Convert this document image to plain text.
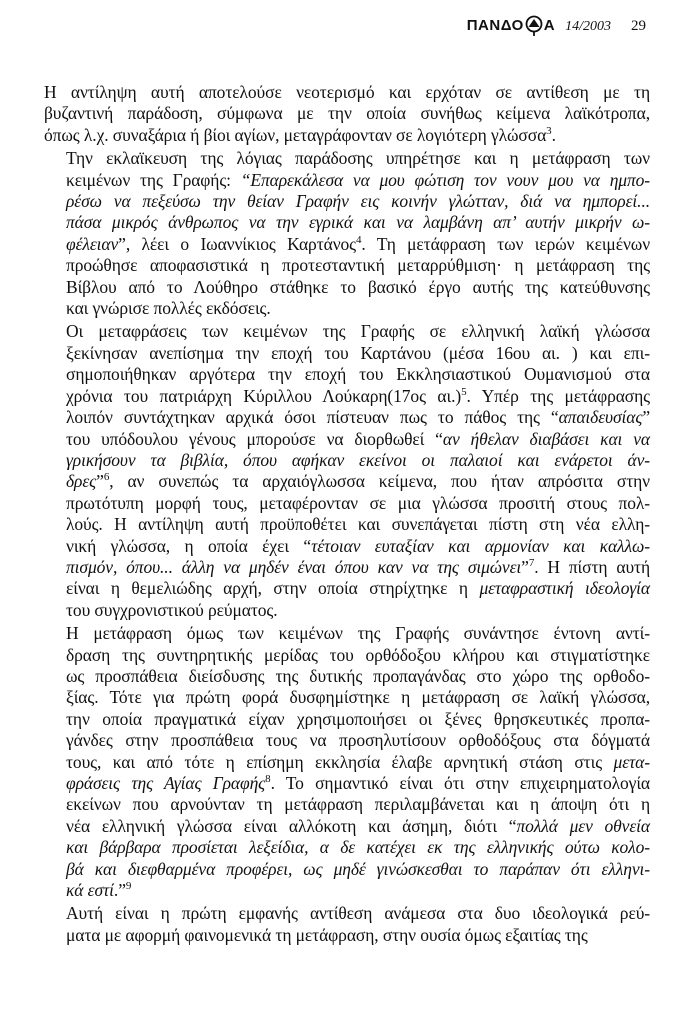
ΠΑΝΔΟ Α 14/2003 29

Η αντίληψη αυτή αποτελούσε νεοτερισμό και ερχόταν σε αντίθεση με τη
βυζαντινή παράδοση, σύμφωνα με την οποία συνήθως κείμενα λαϊκότροπα,
όπως λ.χ. συναξάρια ή βίοι αγίων, μεταγράφονταν σε λογιότερη γλώσσα$^3$.

Την εκλαϊκευση της λόγιας παράδοσης υπηρέτησε και η μετάφραση των
κειμένων της Γραφής: “Επαρεκάλεσα να μου φώτιση τον νουν μου να ημπο-
ρέσω να πεξεύσω την θείαν Γραφήν εις κοινήν γλώτταν, διά να ημπορεί...
πάσα μικρός άνθρωπος να την εγρικά και να λαμβάνη απ’ αυτήν μικρήν ω-
φέλειαν”, λέει ο Ιωαννίκιος Καρτάνος$^4$. Τη μετάφραση των ιερών κειμένων
προώθησε αποφασιστικά η προτεσταντική μεταρρύθμιση· η μετάφραση της
Βίβλου από το Λούθηρο στάθηκε το βασικό έργο αυτής της κατεύθυνσης
και γνώρισε πολλές εκδόσεις.

Οι μεταφράσεις των κειμένων της Γραφής σε ελληνική λαϊκή γλώσσα
ξεκίνησαν ανεπίσημα την εποχή του Καρτάνου (μέσα 16ου αι. ) και επι-
σημοποιήθηκαν αργότερα την εποχή του Εκκλησιαστικού Ουμανισμού στα
χρόνια του πατριάρχη Κύριλλου Λούκαρη(17ος αι.)$^5$. Υπέρ της μετάφρασης
λοιπόν συντάχτηκαν αρχικά όσοι πίστευαν πως το πάθος της “απαιδευσίας”
του υπόδουλου γένους μπορούσε να διορθωθεί “αν ήθελαν διαβάσει και να
γρικήσουν τα βιβλία, όπου αφήκαν εκείνοι οι παλαιοί και ενάρετοι άν-
δρες”$^6$, αν συνεπώς τα αρχαιόγλωσσα κείμενα, που ήταν απρόσιτα στην
πρωτότυπη μορφή τους, μεταφέρονταν σε μια γλώσσα προσιτή στους πολ-
λούς. Η αντίληψη αυτή προϋποθέτει και συνεπάγεται πίστη στη νέα ελλη-
νική γλώσσα, η οποία έχει “τέτοιαν ευταξίαν και αρμονίαν και καλλω-
πισμόν, όπου... άλλη να μηδέν έναι όπου καν να της σιμώνει”$^7$. Η πίστη αυτή
είναι η θεμελιώδης αρχή, στην οποία στηρίχτηκε η μεταφραστική ιδεολογία
του συγχρονιστικού ρεύματος.

Η μετάφραση όμως των κειμένων της Γραφής συνάντησε έντονη αντί-
δραση της συντηρητικής μερίδας του ορθόδοξου κλήρου και στιγματίστηκε
ως προσπάθεια διείσδυσης της δυτικής προπαγάνδας στο χώρο της ορθοδο-
ξίας. Τότε για πρώτη φορά δυσφημίστηκε η μετάφραση σε λαϊκή γλώσσα,
την οποία πραγματικά είχαν χρησιμοποιήσει οι ξένες θρησκευτικές προπα-
γάνδες στην προσπάθεια τους να προσηλυτίσουν ορθοδόξους στα δόγματά
τους, και από τότε η επίσημη εκκλησία έλαβε αρνητική στάση στις μετα-
φράσεις της Αγίας Γραφής$^8$. Το σημαντικό είναι ότι στην επιχειρηματολογία
εκείνων που αρνούνταν τη μετάφραση περιλαμβάνεται και η άποψη ότι η
νέα ελληνική γλώσσα είναι αλλόκοτη και άσημη, διότι “πολλά μεν οθνεία
και βάρβαρα προσίεται λεξείδια, α δε κατέχει εκ της ελληνικής ούτω κολο-
βά και διεφθαρμένα προφέρει, ως μηδέ γινώσκεσθαι το παράπαν ότι ελληνι-
κά εστί.”$^9$

Αυτή είναι η πρώτη εμφανής αντίθεση ανάμεσα στα δυο ιδεολογικά ρεύ-
ματα με αφορμή φαινομενικά τη μετάφραση, στην ουσία όμως εξαιτίας της
